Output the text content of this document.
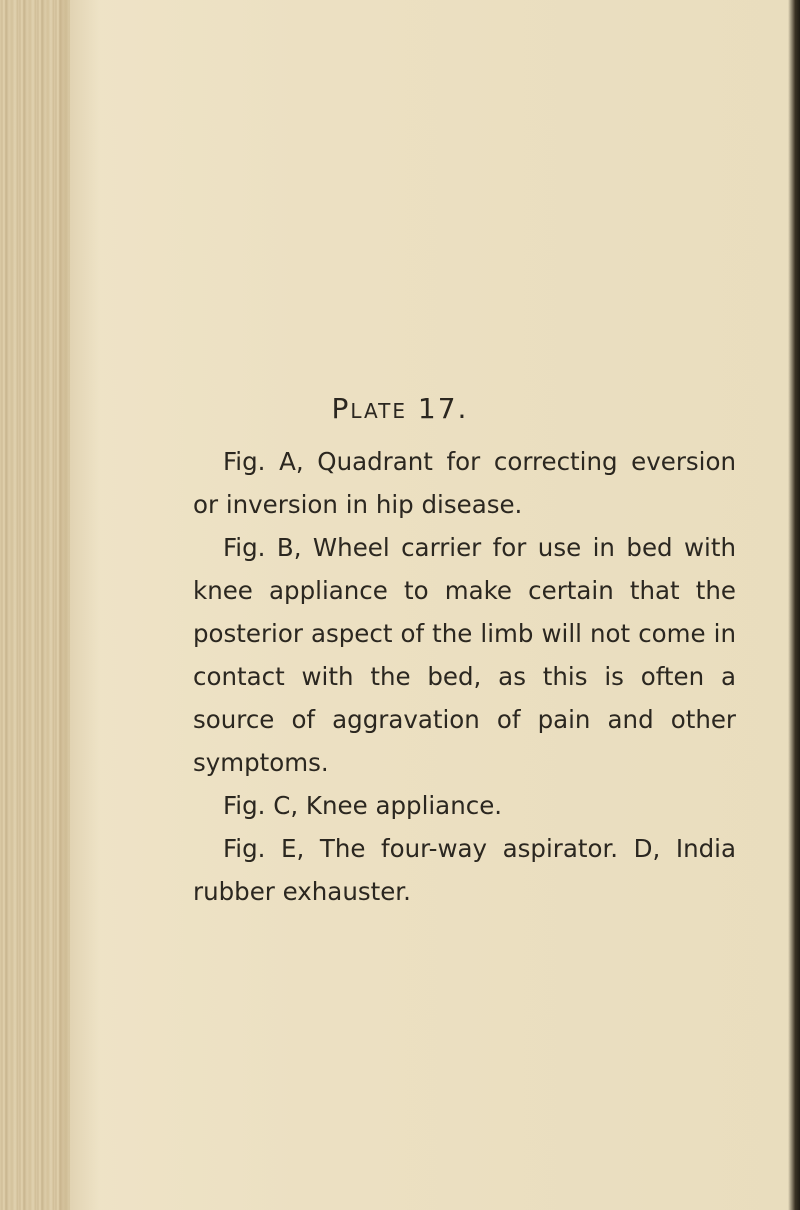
Plate 17.

Fig. A, Quadrant for correcting eversion or inversion in hip disease.

Fig. B, Wheel carrier for use in bed with knee appliance to make certain that the posterior aspect of the limb will not come in contact with the bed, as this is often a source of aggravation of pain and other symptoms.

Fig. C, Knee appliance.

Fig. E, The four-way aspirator. D, India rubber exhauster.
